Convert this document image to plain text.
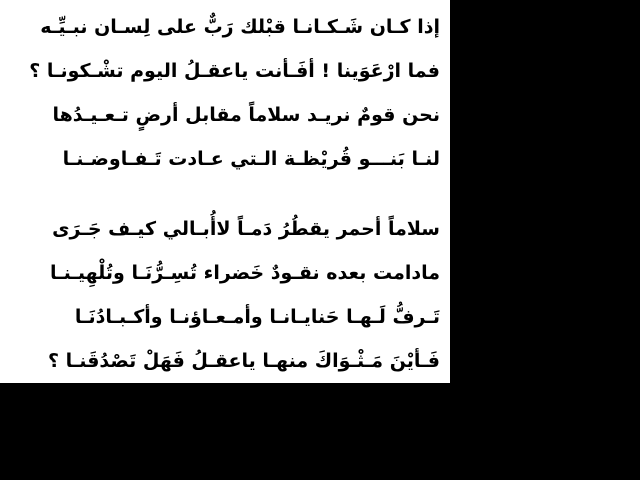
إذا كـان شَـكـانـا قبْلك رَبٌّ على لِسـان نبـيِّـه

فما ارْعَوَينا ! أفَـأنت ياعقـلُ اليوم تشْـكونـا ؟

نحن قومٌ نريـد سلاماً مقابل أرضٍ تـعـيـدُها

لنـا بَنـــو قُريْظـة الـتي عـادت تَـفـاوضـنـا

سلاماً أحمر يقطُرُ دَمـاً لاأُبـالي كيـف جَـرَى

مادامت بعده نقـودٌ خَضراء تُسِـرُّنَـا وتُلْهِيـنـا

تَـرفُّ لَـهـا حَنايـانـا وأمـعـاؤنـا وأكـبـادُنَـا

فَـأيْنَ مَـثْـوَاكَ منهـا ياعقـلُ فَهَلْ تَصْدُقَنـا ؟
